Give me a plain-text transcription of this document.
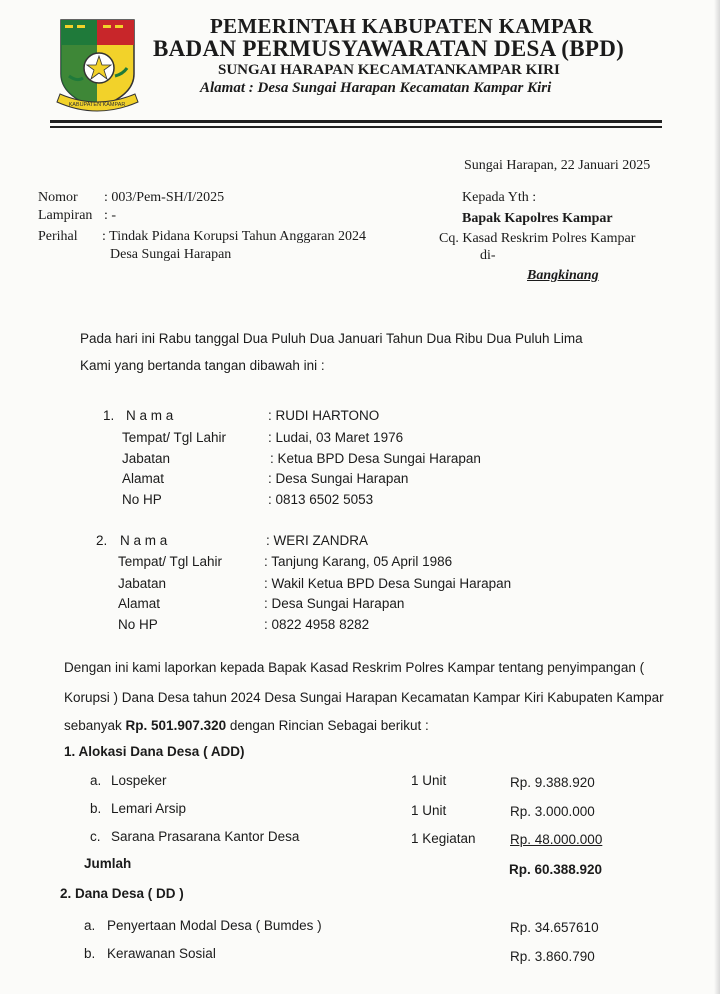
KABUPATEN KAMPAR
PEMERINTAH KABUPATEN KAMPAR
BADAN PERMUSYAWARATAN DESA (BPD)
SUNGAI HARAPAN KECAMATANKAMPAR KIRI
Alamat : Desa Sungai Harapan Kecamatan Kampar Kiri
Sungai Harapan, 22 Januari 2025
Nomor : 003/Pem-SH/I/2025
Lampiran : -
Perihal : Tindak Pidana Korupsi Tahun Anggaran 2024
Desa Sungai Harapan
Kepada Yth :
Bapak Kapolres Kampar
Cq. Kasad Reskrim Polres Kampar
di-
Bangkinang
Pada hari ini Rabu tanggal Dua Puluh Dua Januari Tahun Dua Ribu Dua Puluh Lima
Kami yang bertanda tangan dibawah ini :
1. N a m a	: RUDI HARTONO
Tempat/ Tgl Lahir	: Ludai, 03 Maret 1976
Jabatan	: Ketua BPD Desa Sungai Harapan
Alamat	: Desa Sungai Harapan
No HP	: 0813 6502 5053
2. N a m a	: WERI ZANDRA
Tempat/ Tgl Lahir	: Tanjung Karang, 05 April 1986
Jabatan	: Wakil Ketua BPD Desa Sungai Harapan
Alamat	: Desa Sungai Harapan
No HP	: 0822 4958 8282
Dengan ini kami laporkan kepada Bapak Kasad Reskrim Polres Kampar tentang penyimpangan (
Korupsi ) Dana Desa tahun 2024 Desa Sungai Harapan Kecamatan Kampar Kiri Kabupaten Kampar
sebanyak Rp. 501.907.320 dengan Rincian Sebagai berikut :
1. Alokasi Dana Desa ( ADD)
a. Lospeker	1 Unit	Rp. 9.388.920
b. Lemari Arsip	1 Unit	Rp. 3.000.000
c. Sarana Prasarana Kantor Desa	1 Kegiatan	Rp. 48.000.000
Jumlah	Rp. 60.388.920
2. Dana Desa ( DD )
a. Penyertaan Modal Desa ( Bumdes )	Rp. 34.657610
b. Kerawanan Sosial	Rp. 3.860.790
